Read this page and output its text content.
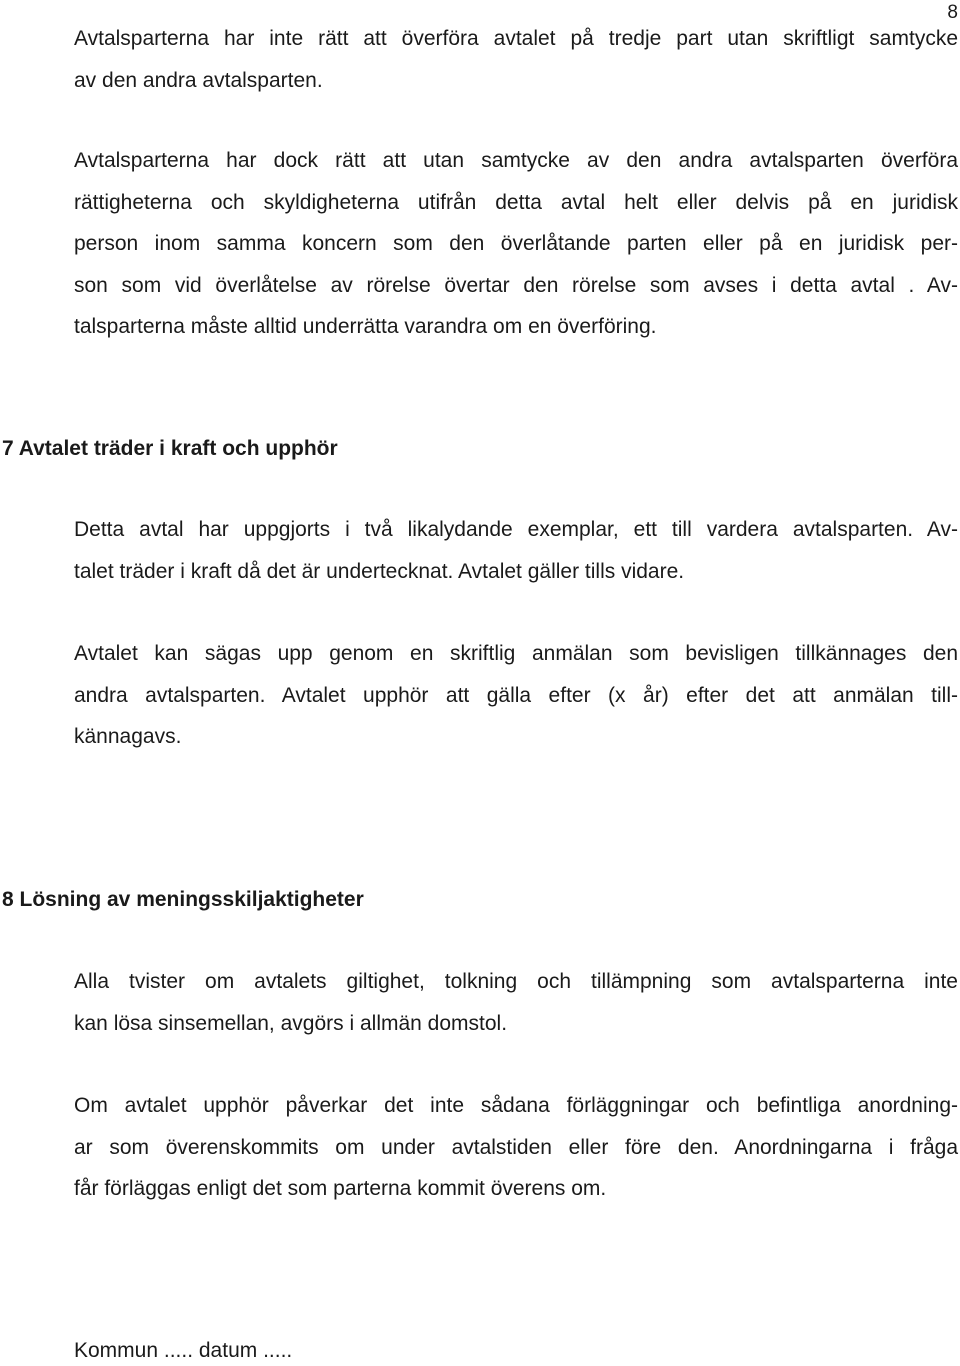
8
Avtalsparterna har inte rätt att överföra avtalet på tredje part utan skriftligt samtycke
av den andra avtalsparten.
Avtalsparterna har dock rätt att utan samtycke av den andra avtalsparten överföra
rättigheterna och skyldigheterna utifrån detta avtal helt eller delvis på en juridisk
person inom samma koncern som den överlåtande parten eller på en juridisk per-
son som vid överlåtelse av rörelse övertar den rörelse som avses i detta avtal . Av-
talsparterna måste alltid underrätta varandra om en överföring.
7 Avtalet träder i kraft och upphör
Detta avtal har uppgjorts i två likalydande exemplar, ett till vardera avtalsparten. Av-
talet träder i kraft då det är undertecknat. Avtalet gäller tills vidare.
Avtalet kan sägas upp genom en skriftlig anmälan som bevisligen tillkännages den
andra avtalsparten. Avtalet upphör att gälla efter (x år) efter det att anmälan till-
kännagavs.
8 Lösning av meningsskiljaktigheter
Alla tvister om avtalets giltighet, tolkning och tillämpning som avtalsparterna inte
kan lösa sinsemellan, avgörs i allmän domstol.
Om avtalet upphör påverkar det inte sådana förläggningar och befintliga anordning-
ar som överenskommits om under avtalstiden eller före den. Anordningarna i fråga
får förläggas enligt det som parterna kommit överens om.
Kommun ..... datum .....
